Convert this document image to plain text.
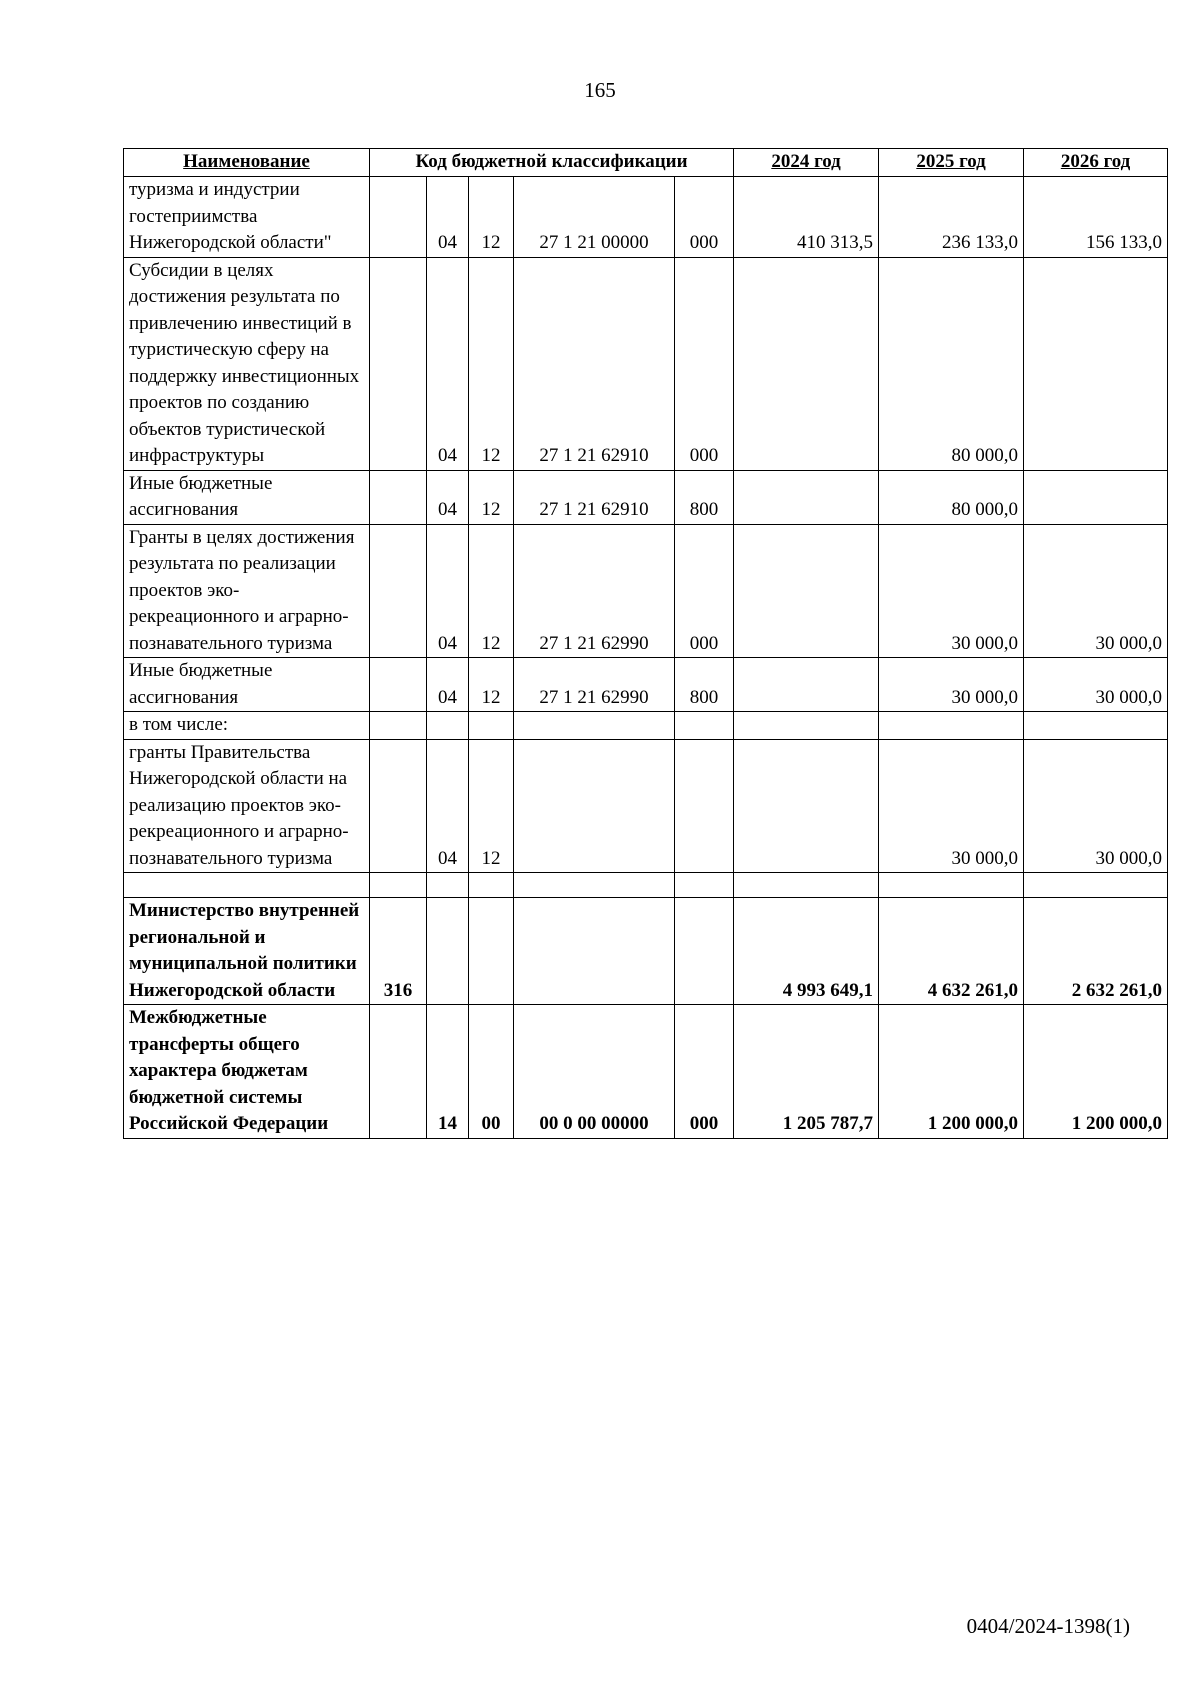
165
Наименование	Код бюджетной классификации					2024 год	2025 год	2026 год
туризма и индустрии гостеприимства Нижегородской области"		04	12	27 1 21 00000	000	410 313,5	236 133,0	156 133,0
Субсидии в целях достижения результата по привлечению инвестиций в туристическую сферу на поддержку инвестиционных проектов по созданию объектов туристической инфраструктуры		04	12	27 1 21 62910	000		80 000,0	
Иные бюджетные ассигнования		04	12	27 1 21 62910	800		80 000,0	
Гранты в целях достижения результата по реализации проектов эко-рекреационного и аграрно-познавательного туризма		04	12	27 1 21 62990	000		30 000,0	30 000,0
Иные бюджетные ассигнования		04	12	27 1 21 62990	800		30 000,0	30 000,0
в том числе:								
гранты Правительства Нижегородской области на реализацию проектов эко-рекреационного и аграрно-познавательного туризма		04	12				30 000,0	30 000,0

Министерство внутренней региональной и муниципальной политики Нижегородской области	316					4 993 649,1	4 632 261,0	2 632 261,0
Межбюджетные трансферты общего характера бюджетам бюджетной системы Российской Федерации		14	00	00 0 00 00000	000	1 205 787,7	1 200 000,0	1 200 000,0
0404/2024-1398(1)
